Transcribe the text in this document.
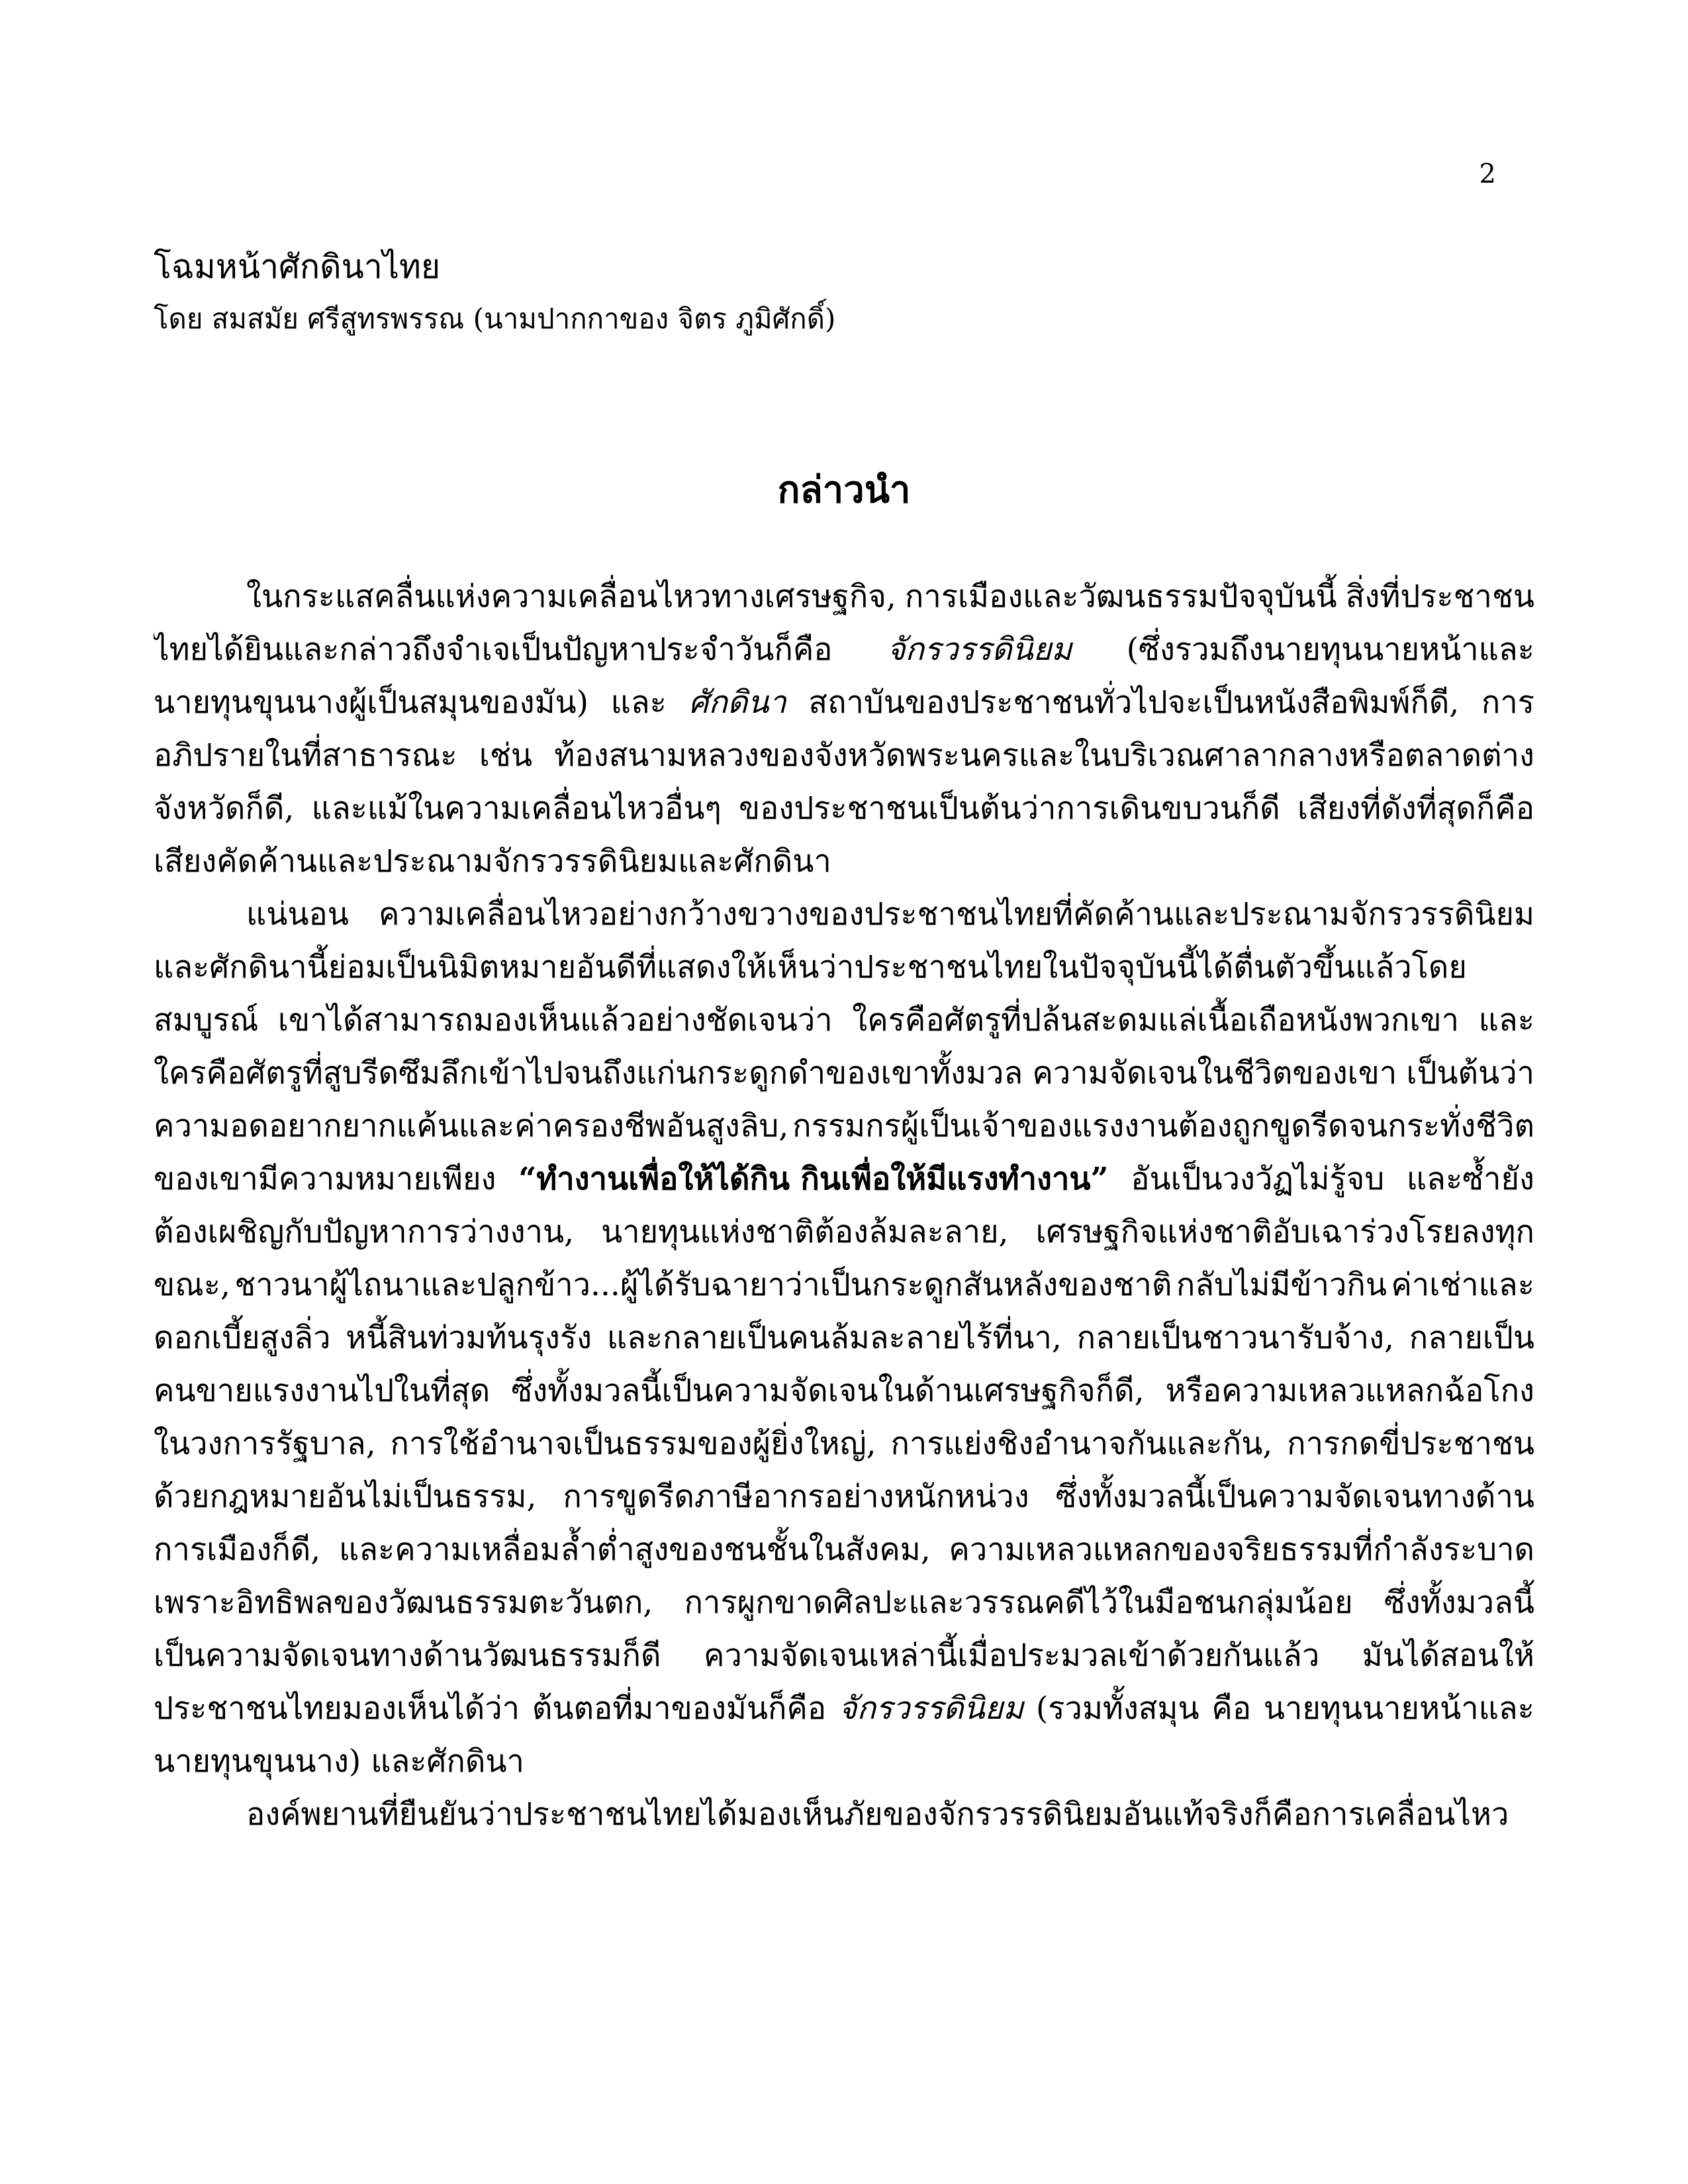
2
โฉมหน้าศักดินาไทย
โดย สมสมัย ศรีสูทรพรรณ (นามปากกาของ จิตร ภูมิศักดิ์)
กล่าวนำ
ในกระแสคลื่นแห่งความเคลื่อนไหวทางเศรษฐกิจ, การเมืองและวัฒนธรรมปัจจุบันนี้ สิ่งที่ประชาชน
ไทยได้ยินและกล่าวถึงจำเจเป็นปัญหาประจำวันก็คือ จักรวรรดินิยม (ซึ่งรวมถึงนายทุนนายหน้าและ
นายทุนขุนนางผู้เป็นสมุนของมัน) และ ศักดินา สถาบันของประชาชนทั่วไปจะเป็นหนังสือพิมพ์ก็ดี, การ
อภิปรายในที่สาธารณะ เช่น ท้องสนามหลวงของจังหวัดพระนครและในบริเวณศาลากลางหรือตลาดต่าง
จังหวัดก็ดี, และแม้ในความเคลื่อนไหวอื่นๆ ของประชาชนเป็นต้นว่าการเดินขบวนก็ดี เสียงที่ดังที่สุดก็คือ
เสียงคัดค้านและประณามจักรวรรดินิยมและศักดินา
แน่นอน ความเคลื่อนไหวอย่างกว้างขวางของประชาชนไทยที่คัดค้านและประณามจักรวรรดินิยม
และศักดินานี้ย่อมเป็นนิมิตหมายอันดีที่แสดงให้เห็นว่าประชาชนไทยในปัจจุบันนี้ได้ตื่นตัวขึ้นแล้วโดย
สมบูรณ์ เขาได้สามารถมองเห็นแล้วอย่างชัดเจนว่า ใครคือศัตรูที่ปล้นสะดมแล่เนื้อเถือหนังพวกเขา และ
ใครคือศัตรูที่สูบรีดซึมลึกเข้าไปจนถึงแก่นกระดูกดำของเขาทั้งมวล ความจัดเจนในชีวิตของเขา เป็นต้นว่า
ความอดอยากยากแค้นและค่าครองชีพอันสูงลิบ, กรรมกรผู้เป็นเจ้าของแรงงานต้องถูกขูดรีดจนกระทั่งชีวิต
ของเขามีความหมายเพียง “ทำงานเพื่อให้ได้กิน กินเพื่อให้มีแรงทำงาน” อันเป็นวงวัฏไม่รู้จบ และซ้ำยัง
ต้องเผชิญกับปัญหาการว่างงาน, นายทุนแห่งชาติต้องล้มละลาย, เศรษฐกิจแห่งชาติอับเฉาร่วงโรยลงทุก
ขณะ, ชาวนาผู้ไถนาและปลูกข้าว...ผู้ได้รับฉายาว่าเป็นกระดูกสันหลังของชาติ กลับไม่มีข้าวกิน ค่าเช่าและ
ดอกเบี้ยสูงลิ่ว หนี้สินท่วมท้นรุงรัง และกลายเป็นคนล้มละลายไร้ที่นา, กลายเป็นชาวนารับจ้าง, กลายเป็น
คนขายแรงงานไปในที่สุด ซึ่งทั้งมวลนี้เป็นความจัดเจนในด้านเศรษฐกิจก็ดี, หรือความเหลวแหลกฉ้อโกง
ในวงการรัฐบาล, การใช้อำนาจเป็นธรรมของผู้ยิ่งใหญ่, การแย่งชิงอำนาจกันและกัน, การกดขี่ประชาชน
ด้วยกฎหมายอันไม่เป็นธรรม, การขูดรีดภาษีอากรอย่างหนักหน่วง ซึ่งทั้งมวลนี้เป็นความจัดเจนทางด้าน
การเมืองก็ดี, และความเหลื่อมล้ำต่ำสูงของชนชั้นในสังคม, ความเหลวแหลกของจริยธรรมที่กำลังระบาด
เพราะอิทธิพลของวัฒนธรรมตะวันตก, การผูกขาดศิลปะและวรรณคดีไว้ในมือชนกลุ่มน้อย ซึ่งทั้งมวลนี้
เป็นความจัดเจนทางด้านวัฒนธรรมก็ดี ความจัดเจนเหล่านี้เมื่อประมวลเข้าด้วยกันแล้ว มันได้สอนให้
ประชาชนไทยมองเห็นได้ว่า ต้นตอที่มาของมันก็คือ จักรวรรดินิยม (รวมทั้งสมุน คือ นายทุนนายหน้าและ
นายทุนขุนนาง)
และศักดินา
องค์พยานที่ยืนยันว่าประชาชนไทยได้มองเห็นภัยของจักรวรรดินิยมอันแท้จริงก็คือการเคลื่อนไหว
